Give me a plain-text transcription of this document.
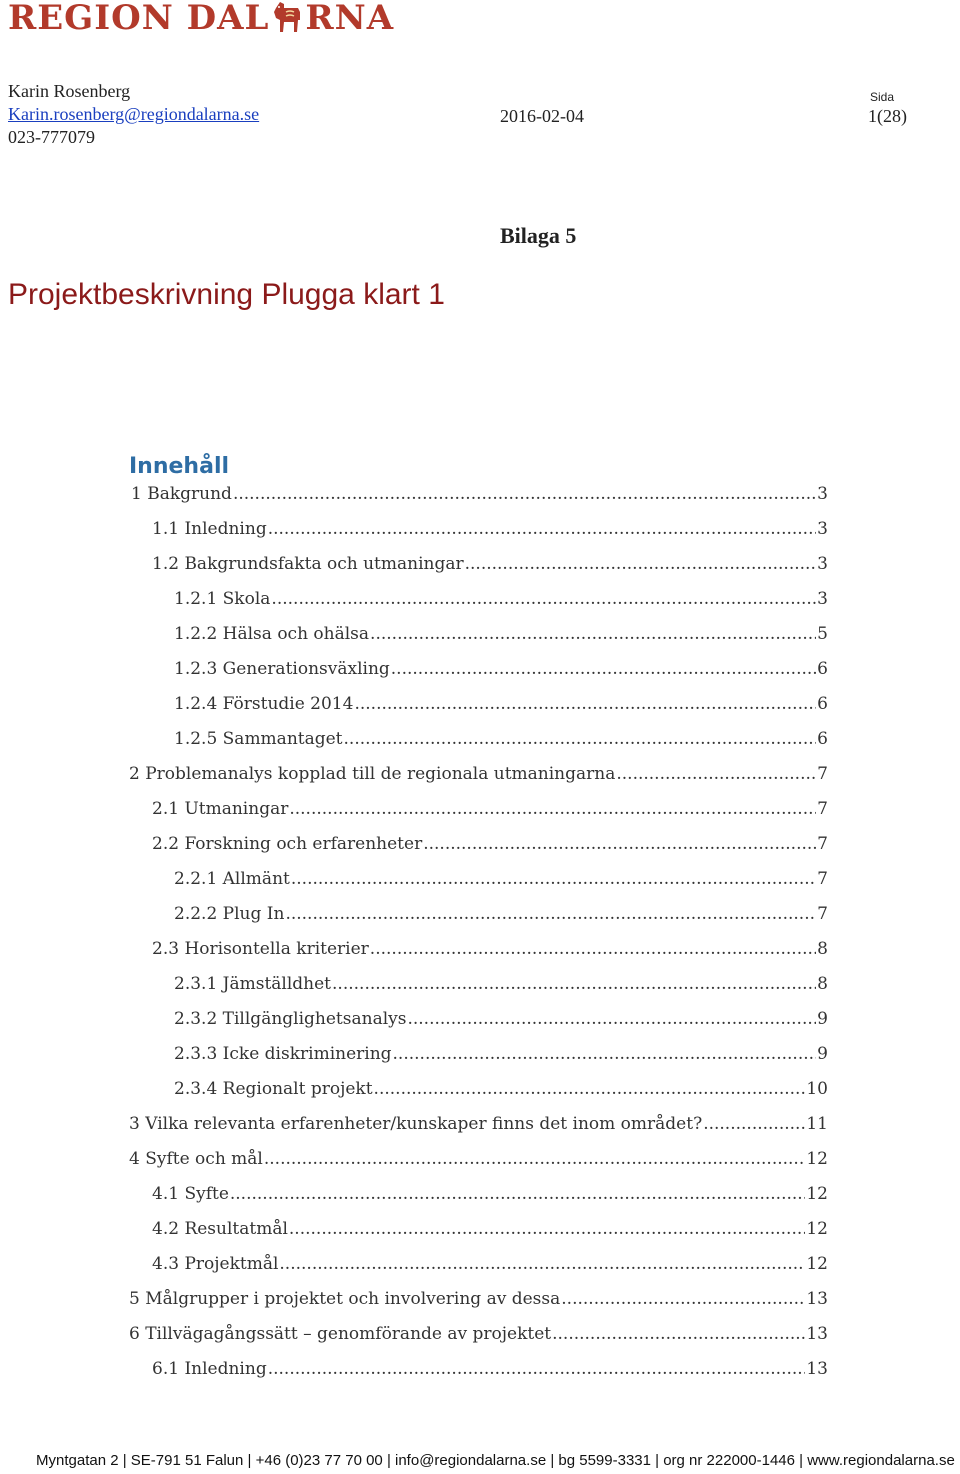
REGION DAL RNA
Karin Rosenberg
Karin.rosenberg@regiondalarna.se
023-777079
2016-02-04
Sida
1(28)
Bilaga 5
Projektbeskrivning Plugga klart 1
Innehåll
1 Bakgrund .....	3
1.1 Inledning .....	3
1.2 Bakgrundsfakta och utmaningar .....	3
1.2.1 Skola .....	3
1.2.2 Hälsa och ohälsa .....	5
1.2.3 Generationsväxling .....	6
1.2.4 Förstudie 2014 .....	6
1.2.5 Sammantaget .....	6
2 Problemanalys kopplad till de regionala utmaningarna .....	7
2.1 Utmaningar .....	7
2.2 Forskning och erfarenheter .....	7
2.2.1 Allmänt .....	7
2.2.2 Plug In .....	7
2.3 Horisontella kriterier .....	8
2.3.1 Jämställdhet .....	8
2.3.2 Tillgänglighetsanalys .....	9
2.3.3 Icke diskriminering .....	9
2.3.4 Regionalt projekt .....	10
3 Vilka relevanta erfarenheter/kunskaper finns det inom området? .....	11
4 Syfte och mål .....	12
4.1 Syfte .....	12
4.2 Resultatmål .....	12
4.3 Projektmål .....	12
5 Målgrupper i projektet och involvering av dessa .....	13
6 Tillvägagångssätt – genomförande av projektet .....	13
6.1 Inledning .....	13
Myntgatan 2 | SE-791 51 Falun | +46 (0)23 77 70 00 | info@regiondalarna.se | bg 5599-3331 | org nr 222000-1446 | www.regiondalarna.se
